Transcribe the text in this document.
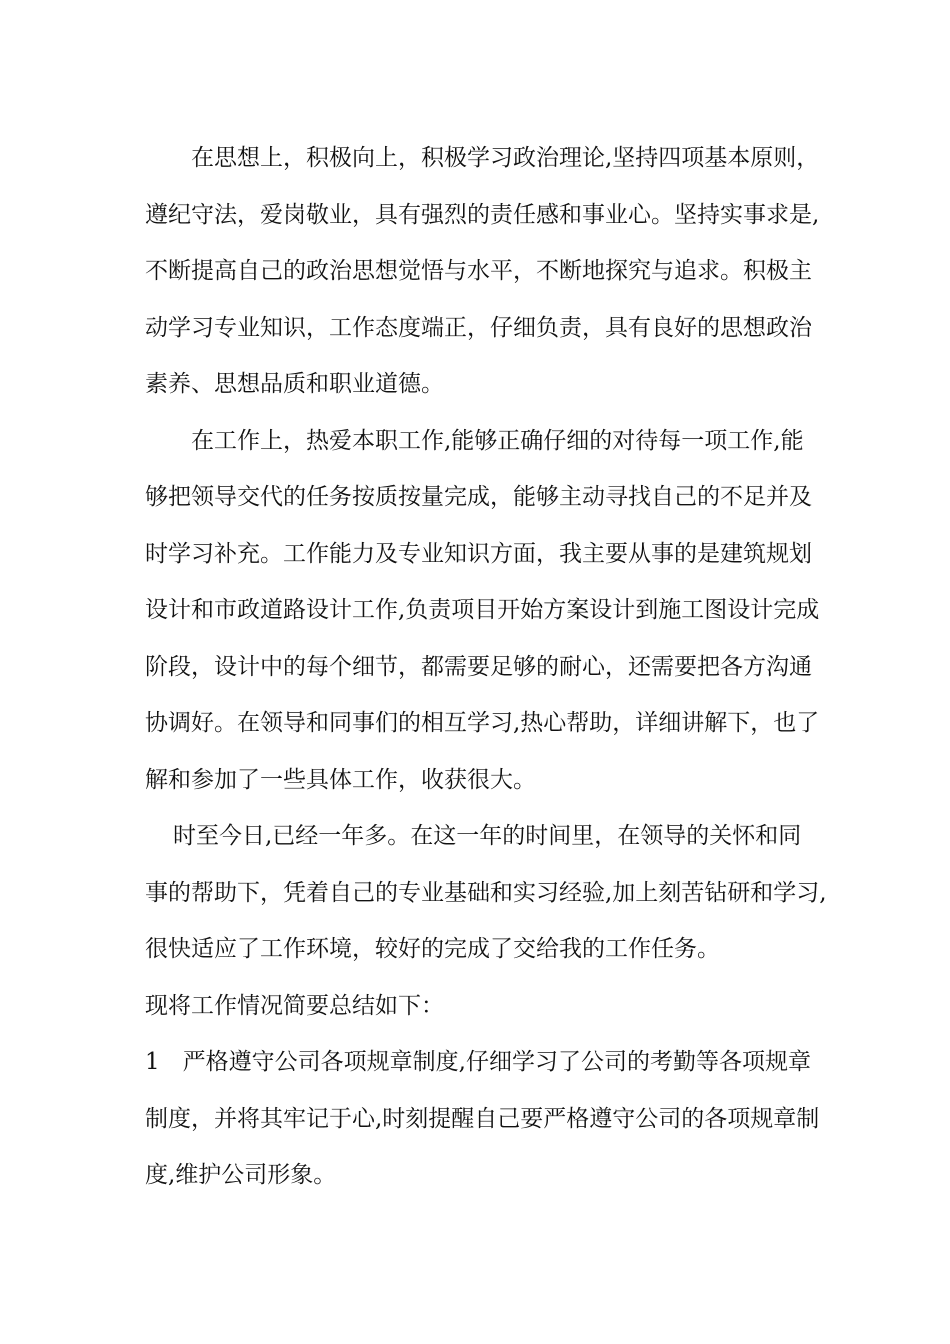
在思想上，积极向上，积极学习政治理论,坚持四项基本原则，
遵纪守法，爱岗敬业，具有强烈的责任感和事业心。坚持实事求是,
不断提高自己的政治思想觉悟与水平，不断地探究与追求。积极主
动学习专业知识，工作态度端正，仔细负责，具有良好的思想政治
素养、思想品质和职业道德。
在工作上，热爱本职工作,能够正确仔细的对待每一项工作,能
够把领导交代的任务按质按量完成，能够主动寻找自己的不足并及
时学习补充。工作能力及专业知识方面，我主要从事的是建筑规划
设计和市政道路设计工作,负责项目开始方案设计到施工图设计完成
阶段，设计中的每个细节，都需要足够的耐心，还需要把各方沟通
协调好。在领导和同事们的相互学习,热心帮助，详细讲解下，也了
解和参加了一些具体工作，收获很大。
时至今日,已经一年多。在这一年的时间里，在领导的关怀和同
事的帮助下，凭着自己的专业基础和实习经验,加上刻苦钻研和学习,
很快适应了工作环境，较好的完成了交给我的工作任务。
现将工作情况简要总结如下：
1　严格遵守公司各项规章制度,仔细学习了公司的考勤等各项规章
制度，并将其牢记于心,时刻提醒自己要严格遵守公司的各项规章制
度,维护公司形象。
